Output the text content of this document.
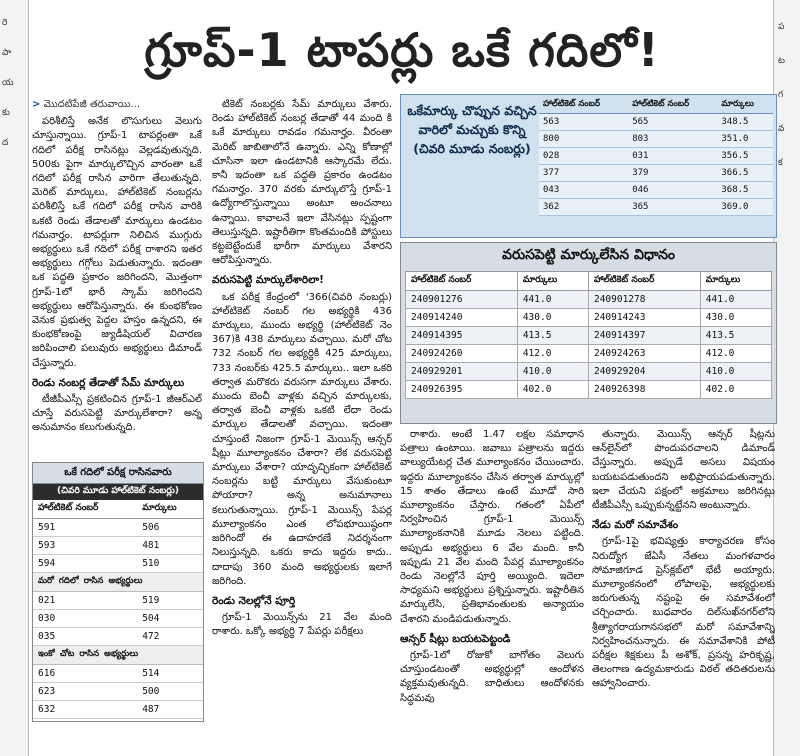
రె
పా
య
కు
ద
ప
ట
గ
వ
క
గ్రూప్-1 టాపర్లు ఒకే గదిలో!
> మొదటిపేజీ తరువాయి...

పరిశీలిస్తే అనేక లొసుగులు వెలుగు చూస్తున్నాయి. గ్రూప్-1 టాపర్లంతా ఒకే గదిలో పరీక్ష రాసినట్లు వెల్లడవుతున్నది. 500కు పైగా మార్కులొచ్చిన వారంతా ఒకే గదిలో పరీక్ష రాసిన వారిగా తేలుతున్నది. మెరిట్ మార్కులు, హాల్‌టికెట్ నంబర్లను పరిశీలిస్తే ఒకే గదిలో పరీక్ష రాసిన వారికి ఒకటి రెండు తేడాలతో మార్కులు ఉండటం గమనార్హం. టాపర్లుగా నిలిచిన ముగ్గురు అభ్యర్థులు ఒకే గదిలో పరీక్ష రాశారని ఇతర అభ్యర్థులు గగ్గోలు పెడుతున్నారు. ఇదంతా ఒక పద్ధతి ప్రకారం జరిగిందని, మొత్తంగా గ్రూప్-1లో భారీ స్కామ్ జరిగిందని అభ్యర్థులు ఆరోపిస్తున్నారు. ఈ కుంభకోణం వెనుక ప్రభుత్వ పెద్దల హస్తం ఉన్నదని, ఈ కుంభకోణంపై జ్యుడీషియల్ విచారణ జరిపించాలి పలువురు అభ్యర్థులు డిమాండ్ చేస్తున్నారు.

రెండు నంబర్ల తేడాతో సేమ్ మార్కులు

టీజీపీఎస్సీ ప్రకటించిన గ్రూప్-1 జీఆర్‌ఎల్ చూస్తే వరుసపెట్టి మార్కులేశారా? అన్న అనుమానం కలుగుతున్నది.

ఒకే గదిలో పరీక్ష రాసినవారు
(చివరి మూడు హాల్‌టికెట్ నంబర్లు)
హాల్‌టికెట్ నంబర్	మార్కులు
591	506
593	481
594	510
మరో గదిలో రాసిన అభ్యర్థులు	
021	519
030	504
035	472
ఇంకో చోట రాసిన అభ్యర్థులు	
616	514
623	500
632	487

టికెట్ నంబర్లకు సేమ్ మార్కులు వేశారు. రెండు హాల్‌టికెట్ నంబర్ల తేడాతో 44 మంది కి ఒకే మార్కులు రావడం గమనార్హం. వీరంతా మెరిట్ జాబితాలోనే ఉన్నారు. ఎన్ని కోణాల్లో చూసినా ఇలా ఉండటానికి ఆస్కారమే లేదు. కానీ ఇదంతా ఒక పద్ధతి ప్రకారం ఉండటం గమనార్హం. 370 వరకు మార్కులొస్తే గ్రూప్-1 ఉద్యోగాలొస్తున్నాయి అంటూ అంచనాలు ఉన్నాయి. కావాలనే ఇలా వేసినట్లు స్పష్టంగా తెలుస్తున్నది. ఇష్టారీతిగా కొంతమందికి పోస్టులు కట్టబెట్టేందుకే భారీగా మార్కులు వేశారని ఆరోపిస్తున్నారు.

వరుసపెట్టి మార్కులేశారిలా!

ఒక పరీక్ష కేంద్రంలో '366(చివరి నంబర్లు) హాల్‌టికెట్ నంబర్ గల అభ్యర్థికి 436 మార్కులు, ముందు అభ్యర్థి (హాల్‌టికెట్ నెం 367)కి 438 మార్కులు వచ్చాయి. మరో చోట 732 నంబర్ గల అభ్యర్థికి 425 మార్కులు, 733 నంబర్‌కు 425.5 మార్కులు.. ఇలా ఒకరి తర్వాత మరొకరు వరుసగా మార్కులు వేశారు. ముందు బెంచీ వాళ్లకు వచ్చిన మార్కులకు, తర్వాత బెంచీ వాళ్లకు ఒకటి లేదా రెండు మార్కుల తేడాలతో వచ్చాయి. ఇదంతా చూస్తుంటే నిజంగా గ్రూప్-1 మెయిన్స్ ఆన్సర్ షీట్లు మూల్యాంకనం చేశారా? లేక వరుసపెట్టి మార్కులు వేశారా? యాదృచ్ఛికంగా హాల్‌టికెట్ నంబర్లను బట్టి మార్కులు వేసుకుంటూ పోయారా? అన్న అనుమానాలు కలుగుతున్నాయి. గ్రూప్-1 మెయిన్స్ పేపర్ల మూల్యాంకనం ఎంత లోపభూయిష్ఠంగా జరిగిందో ఈ ఉదాహరణే నిదర్శనంగా నిలుస్తున్నది. ఒకరు కాదు ఇద్దరు కాదు.. దాదాపు 360 మంది అభ్యర్థులకు ఇలాగే జరిగింది.

రెండు నెలల్లోనే పూర్తి

గ్రూప్-1 మెయిన్స్‌ను 21 వేల మంది రాశారు. ఒక్కో అభ్యర్థి 7 పేపర్లు పరీక్షలు

ఒకేమార్కు చొప్పున వచ్చిన వారిలో మచ్చుకు కొన్ని (చివరి మూడు నంబర్లు)
హాల్‌టికెట్ నంబర్	హాల్‌టికెట్ నంబర్	మార్కులు
563	565	348.5
800	803	351.0
028	031	356.5
377	379	366.5
043	046	368.5
362	365	369.0
వరుసపెట్టి మార్కులేసిన విధానం
హాల్‌టికెట్ నంబర్	మార్కులు	హాల్‌టికెట్ నంబర్	మార్కులు
240901276	441.0	240901278	441.0
240914240	430.0	240914243	430.0
240914395	413.5	240914397	413.5
240924260	412.0	240924263	412.0
240929201	410.0	240929204	410.0
240926395	402.0	240926398	402.0

రాశారు. అంటే 1.47 లక్షల సమాధాన పత్రాలు ఉంటాయి. జవాబు పత్రాలను ఇద్దరు వాల్యుయేటర్ల చేత మూల్యాంకనం చేయించారు. ఇద్దరు మూల్యాంకనం చేసిన తర్వాత మార్కుల్లో 15 శాతం తేడాలు ఉంటే మూడో సారి మూల్యాంకనం చేస్తారు. గతంలో ఏపీలో నిర్వహించిన గ్రూప్-1 మెయిన్స్ మూల్యాంకనానికి మూడు నెలలు పట్టింది. అప్పుడు అభ్యర్థులు 6 వేల మంది. కానీ ఇప్పుడు 21 వేల మంది పేపర్ల మూల్యాంకనం రెండు నెలల్లోనే పూర్తి అయ్యింది. ఇదెలా సాధ్యమని అభ్యర్థులు ప్రశ్నిస్తున్నారు. ఇష్టారీతిన మార్కులేసి, ప్రతిభావంతులకు అన్యాయం చేశారని మండిపడుతున్నారు.

ఆన్సర్ షీట్లు బయటపెట్టండి

గ్రూప్-1లో రోజుకో బాగోతం వెలుగు చూస్తుండటంతో అభ్యర్థుల్లో ఆందోళన వ్యక్తమవుతున్నది. బాధితులు ఆందోళనకు సిద్ధమవు

తున్నారు. మెయిన్స్ ఆన్సర్ షీట్లను ఆన్‌లైన్‌లో పొందుపరచాలని డిమాండ్ చేస్తున్నారు. అప్పుడే అసలు విషయం బయటపడుతుందని అభిప్రాయపడుతున్నారు. ఇలా చేయని పక్షంలో అక్రమాలు జరిగినట్లు టీజీపీఎస్సీ ఒప్పుకున్నట్టేనని అంటున్నారు.

నేడు మరో సమావేశం

గ్రూప్-1పై భవిష్యత్తు కార్యాచరణ కోసం నిరుద్యోగ జేఏసీ నేతలు మంగళవారం సోమాజిగూడ ప్రెస్‌క్లబ్‌లో భేటీ అయ్యారు. మూల్యాంకనంలో లోపాలపై, అభ్యర్థులకు జరుగుతున్న నష్టంపై ఈ సమావేశంలో చర్చించారు. బుధవారం దిల్‌సుఖ్‌నగర్‌లోని శ్రీత్యాగరాయగానసభలో మరో సమావేశాన్ని నిర్వహించనున్నారు. ఈ సమావేశానికి పోటీ పరీక్షల శిక్షకులు పీ అశోక్, ప్రసన్న హరికృష్ణ, తెలంగాణ ఉద్యమకారుడు విఠల్ తదితరులను ఆహ్వానించారు.
